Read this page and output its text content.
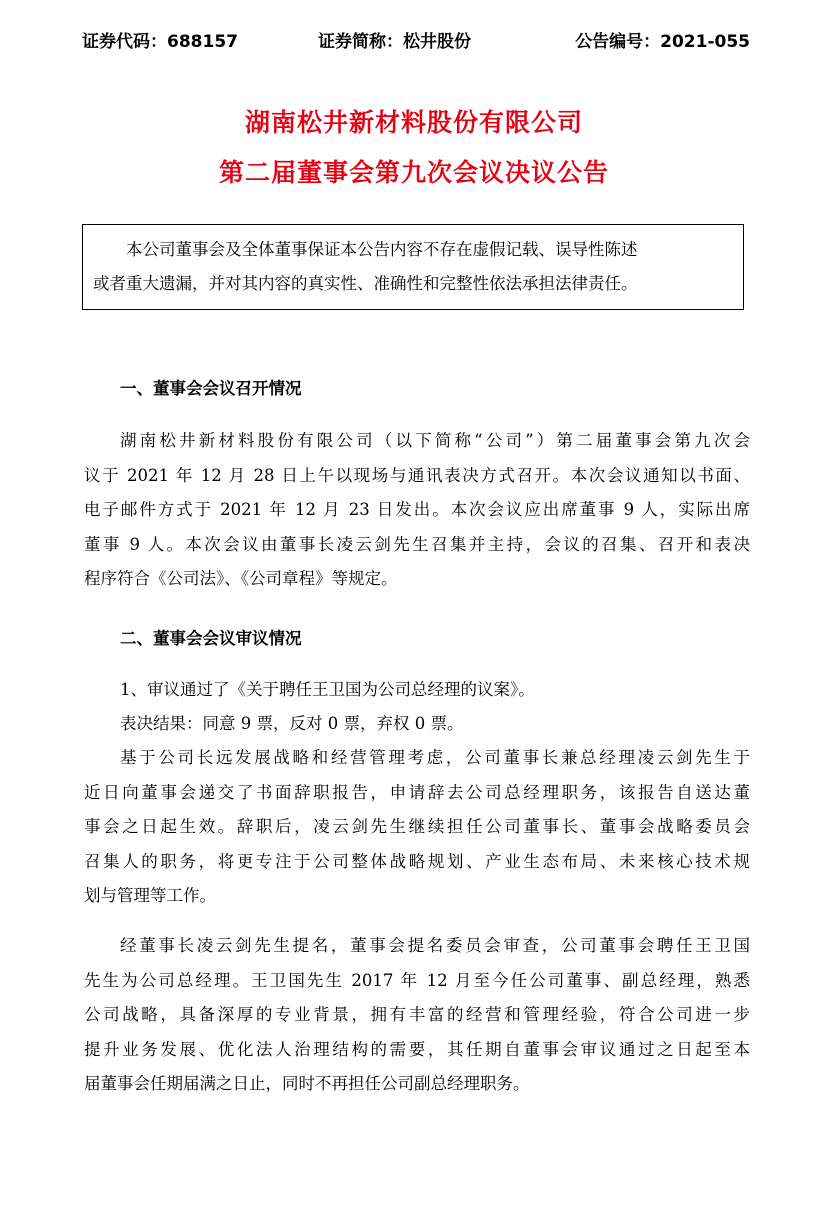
证券代码：688157	证券简称：松井股份	公告编号：2021-055
湖南松井新材料股份有限公司
第二届董事会第九次会议决议公告
本公司董事会及全体董事保证本公告内容不存在虚假记载、误导性陈述
或者重大遗漏，并对其内容的真实性、准确性和完整性依法承担法律责任。
一、董事会会议召开情况
湖南松井新材料股份有限公司（以下简称“公司”）第二届董事会第九次会
议于 2021 年 12 月 28 日上午以现场与通讯表决方式召开。本次会议通知以书面、
电子邮件方式于 2021 年 12 月 23 日发出。本次会议应出席董事 9 人，实际出席
董事 9 人。本次会议由董事长凌云剑先生召集并主持，会议的召集、召开和表决
程序符合《公司法》、《公司章程》等规定。
二、董事会会议审议情况
1、审议通过了《关于聘任王卫国为公司总经理的议案》。
表决结果：同意 9 票，反对 0 票，弃权 0 票。
基于公司长远发展战略和经营管理考虑，公司董事长兼总经理凌云剑先生于
近日向董事会递交了书面辞职报告，申请辞去公司总经理职务，该报告自送达董
事会之日起生效。辞职后，凌云剑先生继续担任公司董事长、董事会战略委员会
召集人的职务，将更专注于公司整体战略规划、产业生态布局、未来核心技术规
划与管理等工作。
经董事长凌云剑先生提名，董事会提名委员会审查，公司董事会聘任王卫国
先生为公司总经理。王卫国先生 2017 年 12 月至今任公司董事、副总经理，熟悉
公司战略，具备深厚的专业背景，拥有丰富的经营和管理经验，符合公司进一步
提升业务发展、优化法人治理结构的需要，其任期自董事会审议通过之日起至本
届董事会任期届满之日止，同时不再担任公司副总经理职务。
